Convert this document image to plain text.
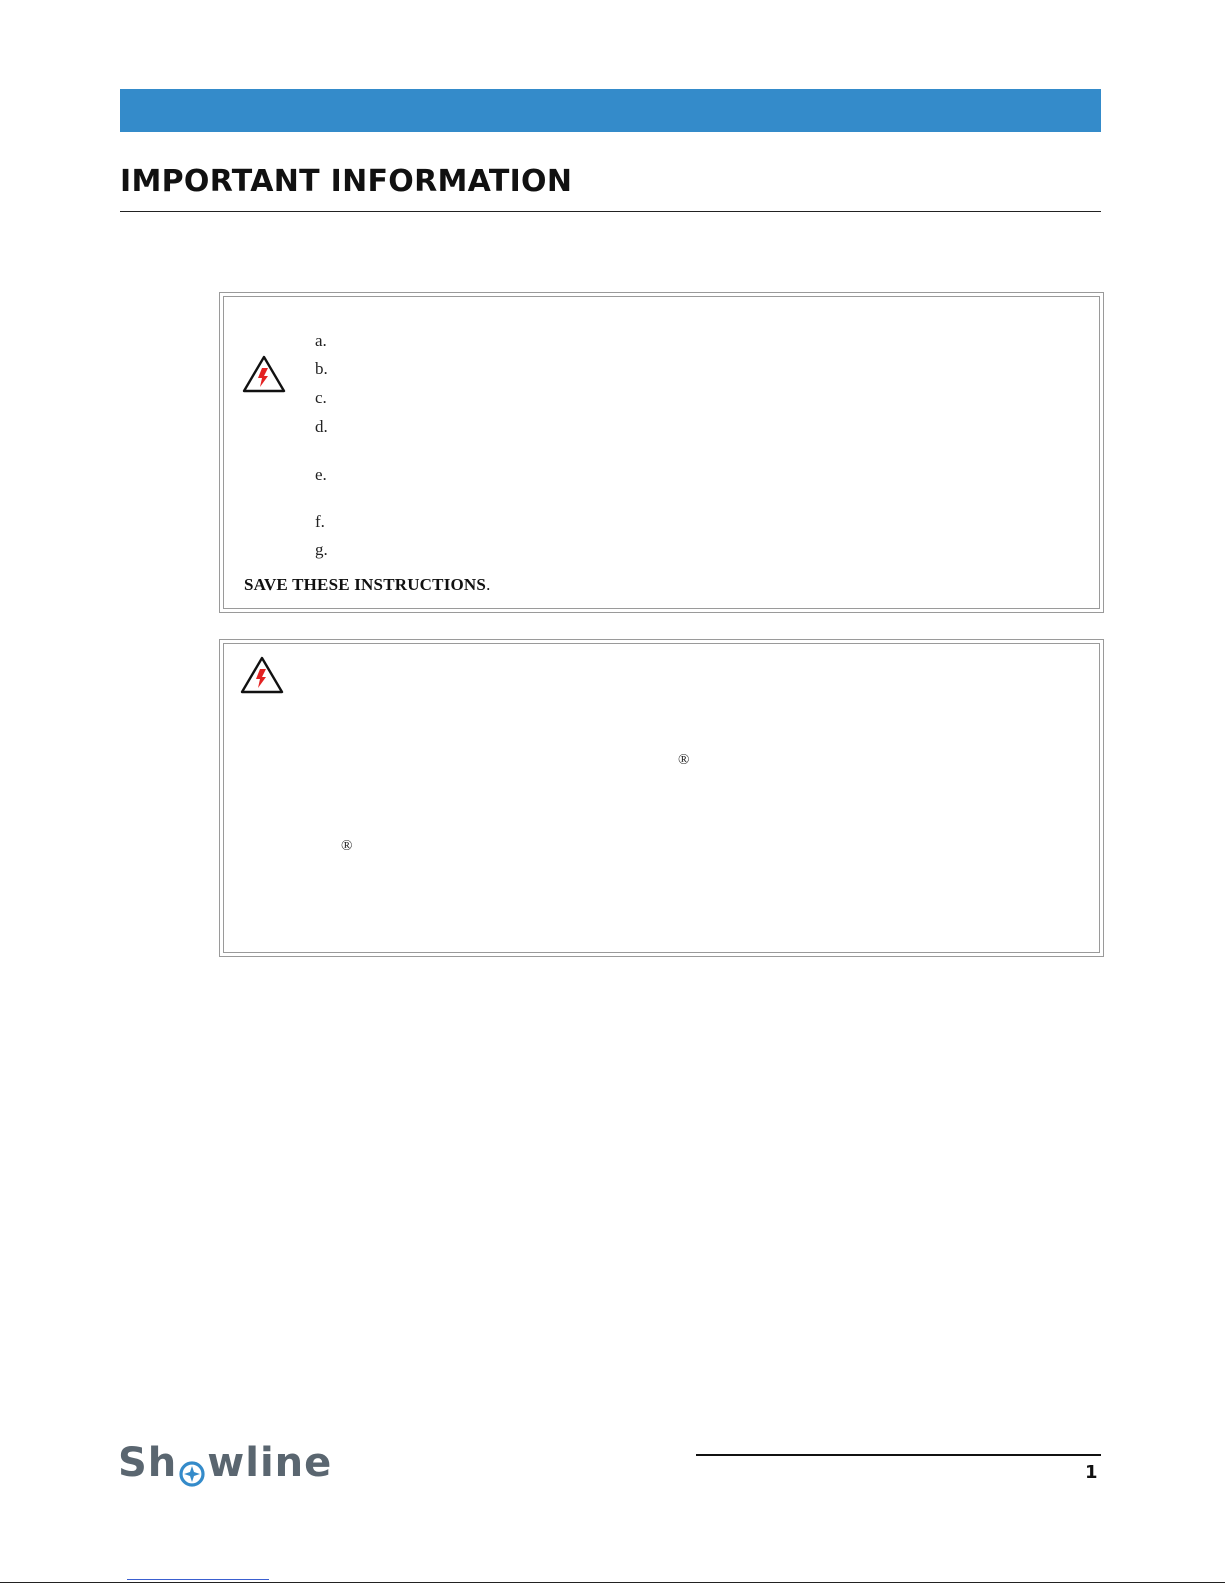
IMPORTANT INFORMATION
a.
b.
c.
d.
e.
f.
g.
SAVE THESE INSTRUCTIONS.
®
®
Sh wline	1
